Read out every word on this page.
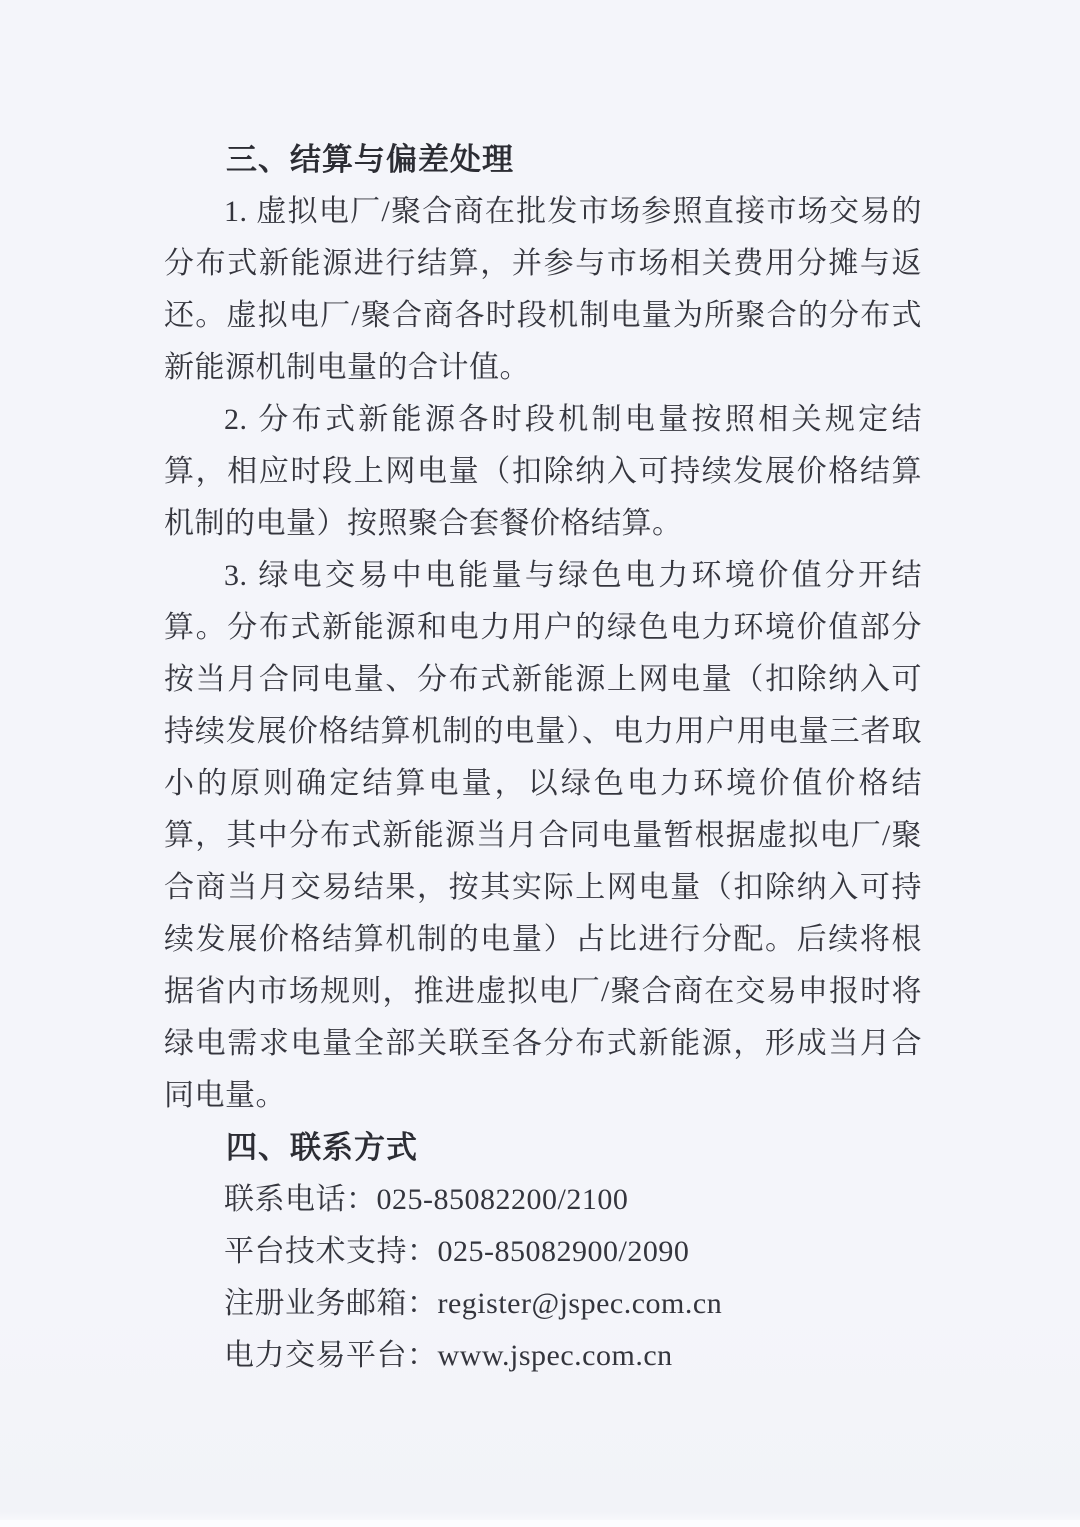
三、结算与偏差处理

1. 虚拟电厂/聚合商在批发市场参照直接市场交易的分布式新能源进行结算，并参与市场相关费用分摊与返还。虚拟电厂/聚合商各时段机制电量为所聚合的分布式新能源机制电量的合计值。

2. 分布式新能源各时段机制电量按照相关规定结算，相应时段上网电量（扣除纳入可持续发展价格结算机制的电量）按照聚合套餐价格结算。

3. 绿电交易中电能量与绿色电力环境价值分开结算。分布式新能源和电力用户的绿色电力环境价值部分按当月合同电量、分布式新能源上网电量（扣除纳入可持续发展价格结算机制的电量）、电力用户用电量三者取小的原则确定结算电量，以绿色电力环境价值价格结算，其中分布式新能源当月合同电量暂根据虚拟电厂/聚合商当月交易结果，按其实际上网电量（扣除纳入可持续发展价格结算机制的电量）占比进行分配。后续将根据省内市场规则，推进虚拟电厂/聚合商在交易申报时将绿电需求电量全部关联至各分布式新能源，形成当月合同电量。

四、联系方式

联系电话：025-85082200/2100

平台技术支持：025-85082900/2090

注册业务邮箱：register@jspec.com.cn

电力交易平台：www.jspec.com.cn
